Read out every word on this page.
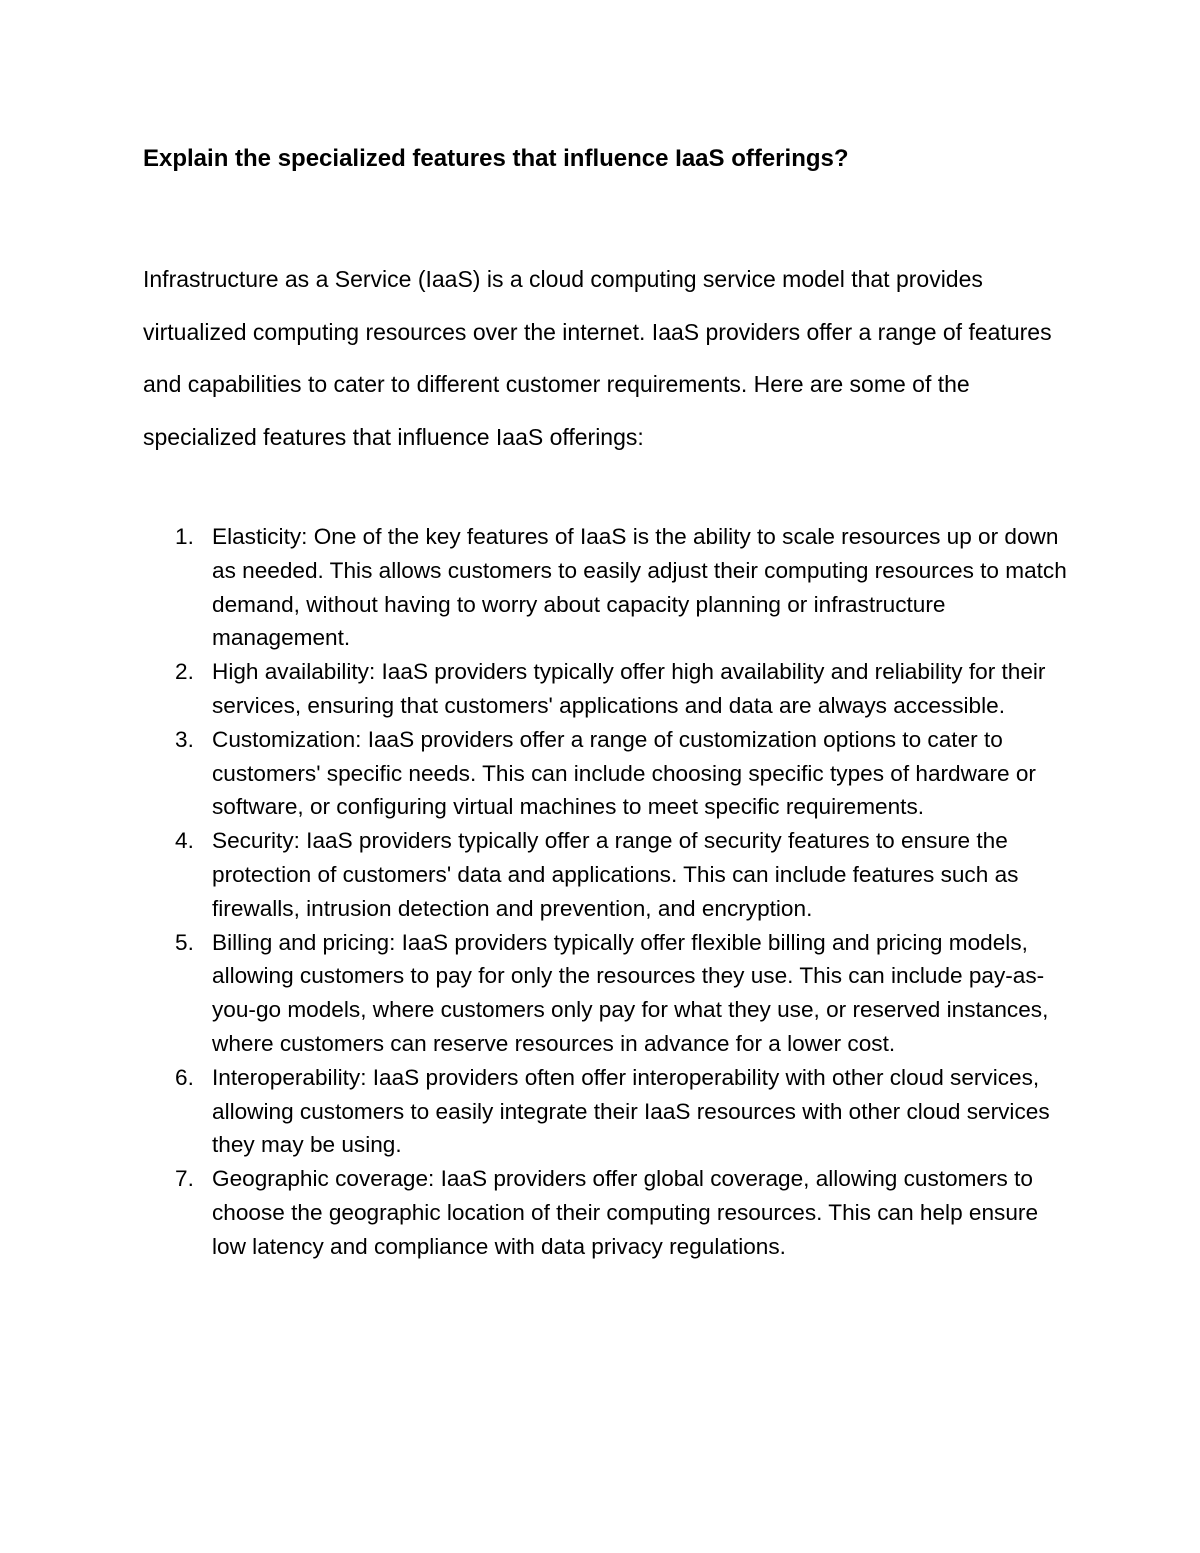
Explain the specialized features that influence IaaS offerings?

Infrastructure as a Service (IaaS) is a cloud computing service model that provides virtualized computing resources over the internet. IaaS providers offer a range of features and capabilities to cater to different customer requirements. Here are some of the specialized features that influence IaaS offerings:

1. Elasticity: One of the key features of IaaS is the ability to scale resources up or down as needed. This allows customers to easily adjust their computing resources to match demand, without having to worry about capacity planning or infrastructure management.
2. High availability: IaaS providers typically offer high availability and reliability for their services, ensuring that customers' applications and data are always accessible.
3. Customization: IaaS providers offer a range of customization options to cater to customers' specific needs. This can include choosing specific types of hardware or software, or configuring virtual machines to meet specific requirements.
4. Security: IaaS providers typically offer a range of security features to ensure the protection of customers' data and applications. This can include features such as firewalls, intrusion detection and prevention, and encryption.
5. Billing and pricing: IaaS providers typically offer flexible billing and pricing models, allowing customers to pay for only the resources they use. This can include pay-as-you-go models, where customers only pay for what they use, or reserved instances, where customers can reserve resources in advance for a lower cost.
6. Interoperability: IaaS providers often offer interoperability with other cloud services, allowing customers to easily integrate their IaaS resources with other cloud services they may be using.
7. Geographic coverage: IaaS providers offer global coverage, allowing customers to choose the geographic location of their computing resources. This can help ensure low latency and compliance with data privacy regulations.
